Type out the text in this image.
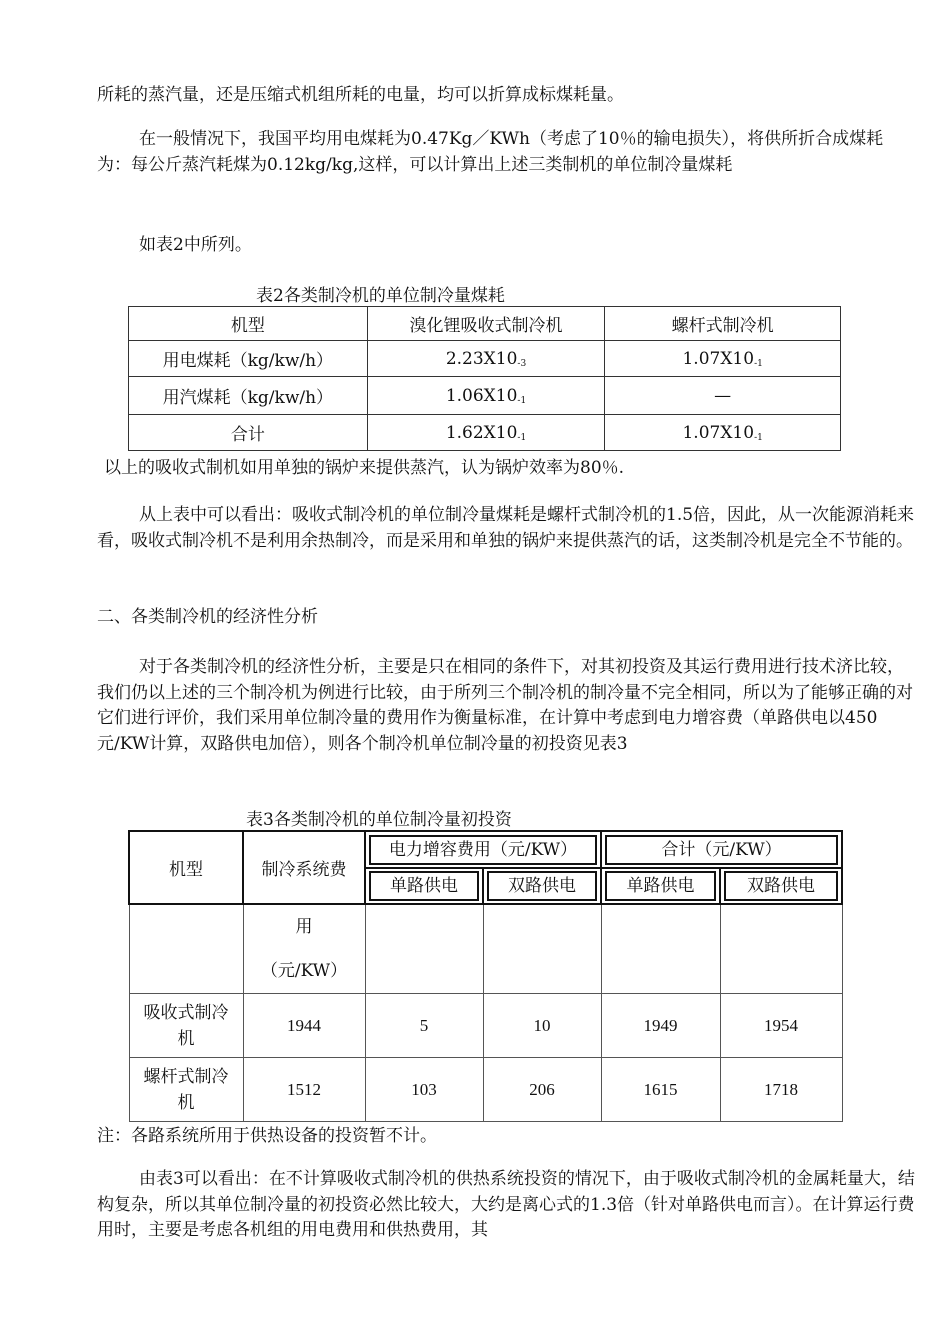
所耗的蒸汽量，还是压缩式机组所耗的电量，均可以折算成标煤耗量。

在一般情况下，我国平均用电煤耗为0.47Kg／KWh（考虑了10％的输电损失），将供所折合成煤耗为：每公斤蒸汽耗煤为0.12kg/kg,这样，可以计算出上述三类制机的单位制冷量煤耗

如表2中所列。

表2各类制冷机的单位制冷量煤耗

机型	溴化锂吸收式制冷机	螺杆式制冷机
用电煤耗（kg/kw/h）	$2.23X10_{-3}$	$1.07X10_{-1}$
用汽煤耗（kg/kw/h）	$1.06X10_{-1}$	—
合计	$1.62X10_{-1}$	$1.07X10_{-1}$

以上的吸收式制机如用单独的锅炉来提供蒸汽，认为锅炉效率为80％.

从上表中可以看出：吸收式制冷机的单位制冷量煤耗是螺杆式制冷机的1.5倍，因此，从一次能源消耗来看，吸收式制冷机不是利用余热制冷，而是采用和单独的锅炉来提供蒸汽的话，这类制冷机是完全不节能的。

二、各类制冷机的经济性分析

对于各类制冷机的经济性分析，主要是只在相同的条件下，对其初投资及其运行费用进行技术济比较，我们仍以上述的三个制冷机为例进行比较，由于所列三个制冷机的制冷量不完全相同，所以为了能够正确的对它们进行评价，我们采用单位制冷量的费用作为衡量标准，在计算中考虑到电力增容费（单路供电以450元/KW计算，双路供电加倍），则各个制冷机单位制冷量的初投资见表3

表3各类制冷机的单位制冷量初投资

机型	制冷系统费	电力增容费用（元/KW）		合计（元/KW）	

		单路供电	双路供电	单路供电	双路供电

	用
（元/KW）				

吸收式制冷机	1944	5	10	1949	1954
螺杆式制冷机	1512	103	206	1615	1718

注：各路系统所用于供热设备的投资暂不计。

由表3可以看出：在不计算吸收式制冷机的供热系统投资的情况下，由于吸收式制冷机的金属耗量大，结构复杂，所以其单位制冷量的初投资必然比较大，大约是离心式的1.3倍（针对单路供电而言）。在计算运行费用时，主要是考虑各机组的用电费用和供热费用，其
